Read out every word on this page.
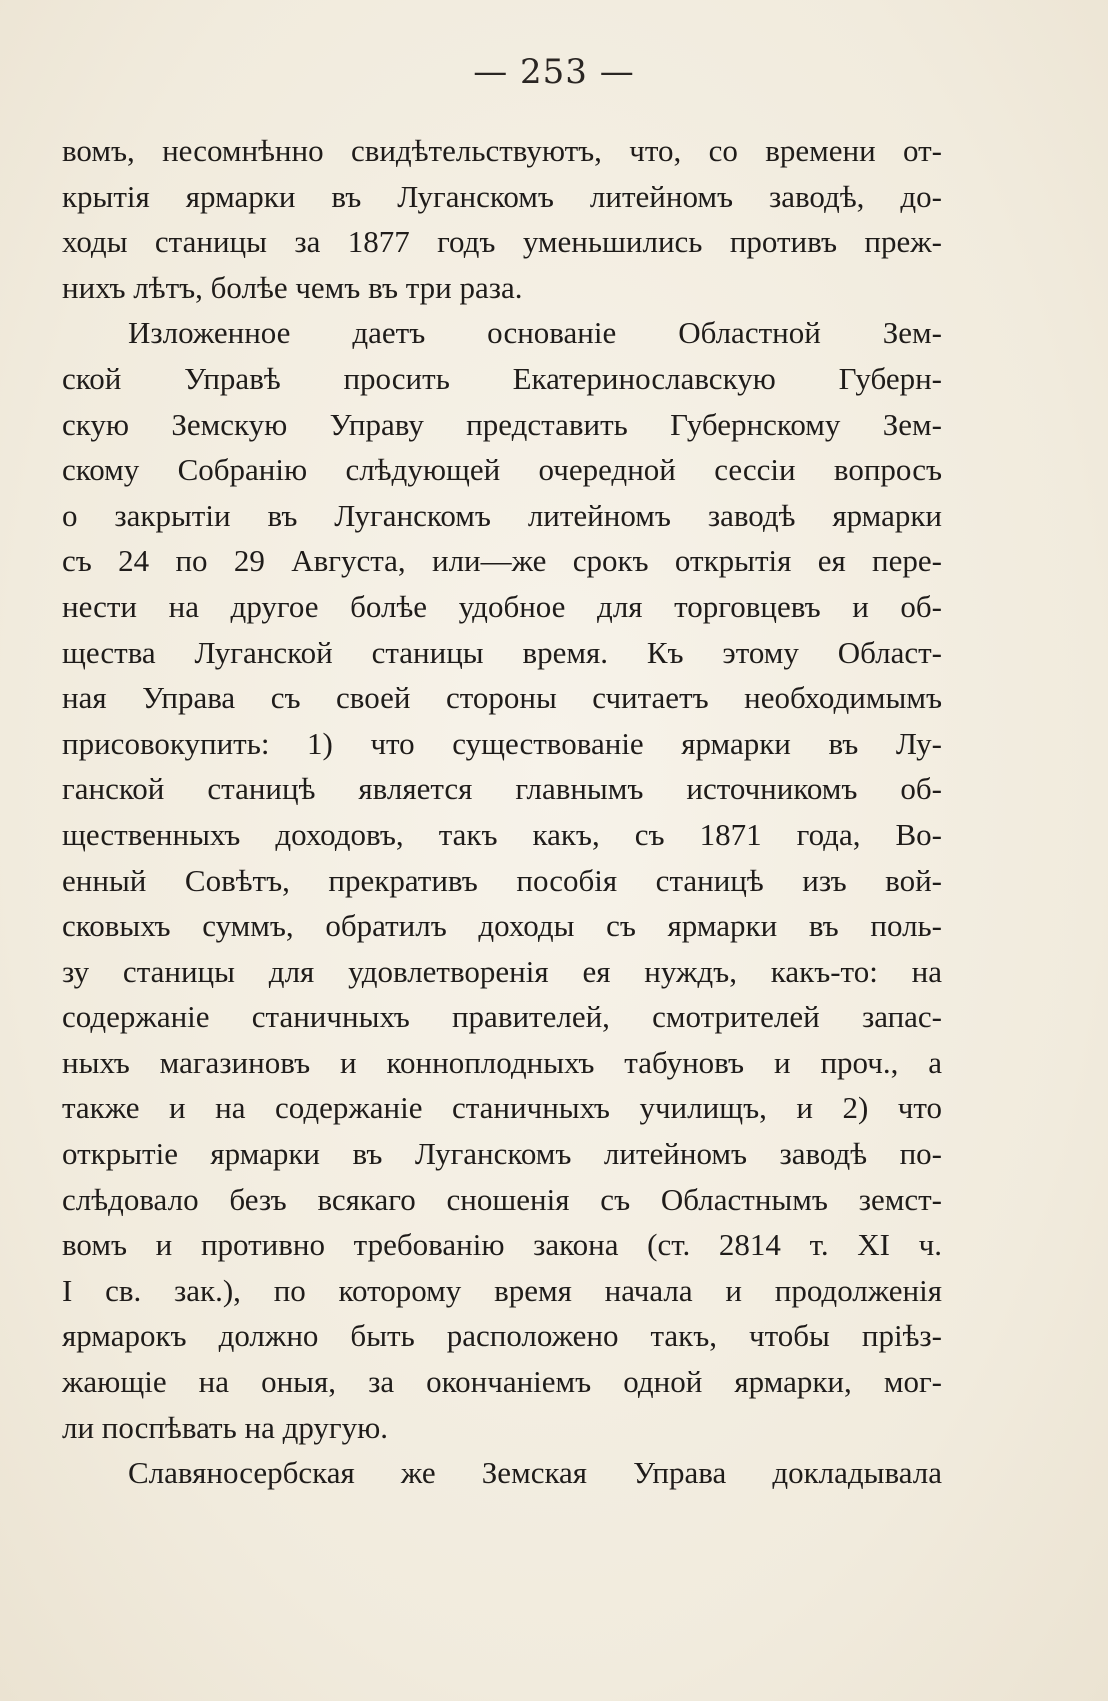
— 253 —
вомъ, несомнѣнно свидѣтельствуютъ, что, со времени от-
крытія ярмарки въ Луганскомъ литейномъ заводѣ, до-
ходы станицы за 1877 годъ уменьшились противъ преж-
нихъ лѣтъ, болѣе чемъ въ три раза.
Изложенное даетъ основаніе Областной Зем-
ской Управѣ просить Екатеринославскую Губерн-
скую Земскую Управу представить Губернскому Зем-
скому Собранію слѣдующей очередной сессіи вопросъ
о закрытіи въ Луганскомъ литейномъ заводѣ ярмарки
съ 24 по 29 Августа, или—же срокъ открытія ея пере-
нести на другое болѣе удобное для торговцевъ и об-
щества Луганской станицы время. Къ этому Област-
ная Управа съ своей стороны считаетъ необходимымъ
присовокупить: 1) что существованіе ярмарки въ Лу-
ганской станицѣ является главнымъ источникомъ об-
щественныхъ доходовъ, такъ какъ, съ 1871 года, Во-
енный Совѣтъ, прекративъ пособія станицѣ изъ вой-
сковыхъ суммъ, обратилъ доходы съ ярмарки въ поль-
зу станицы для удовлетворенія ея нуждъ, какъ-то: на
содержаніе станичныхъ правителей, смотрителей запас-
ныхъ магазиновъ и конноплодныхъ табуновъ и проч., а
также и на содержаніе станичныхъ училищъ, и 2) что
открытіе ярмарки въ Луганскомъ литейномъ заводѣ по-
слѣдовало безъ всякаго сношенія съ Областнымъ земст-
вомъ и противно требованію закона (ст. 2814 т. XI ч.
I св. зак.), по которому время начала и продолженія
ярмарокъ должно быть расположено такъ, чтобы пріѣз-
жающіе на оныя, за окончаніемъ одной ярмарки, мог-
ли поспѣвать на другую.
Славяносербская же Земская Управа докладывала
